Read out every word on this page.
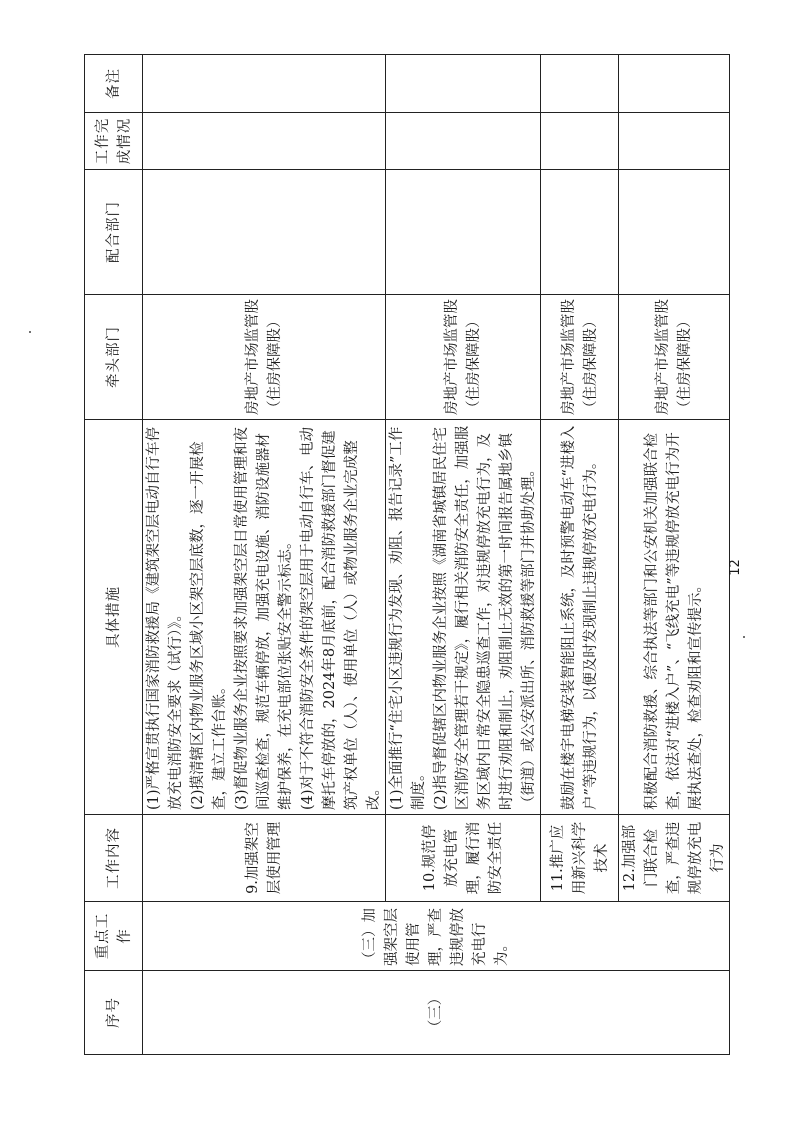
序号	重点工作	工作内容	具体措施	牵头部门	配合部门	工作完成情况	备注
（三）	（三）加强架空层使用管理，严查违规停放充电行为。	9.加强架空层使用管理	(1)严格宣贯执行国家消防救援局《建筑架空层电动自行车停放充电消防安全要求（试行）》。 (2)摸清辖区内物业服务区域小区架空层底数，逐一开展检查，建立工作台账。 (3)督促物业服务企业按照要求加强架空层日常使用管理和夜间巡查检查，规范车辆停放，加强充电设施、消防设施器材维护保养，在充电部位张贴安全警示标志。 (4)对于不符合消防安全条件的架空层用于电动自行车、电动摩托车停放的，2024年8月底前，配合消防救援部门督促建筑产权单位（人）、使用单位（人）或物业服务企业完成整改。	房地产市场监管股（住房保障股）			
		10.规范停放充电管理，履行消防安全责任	(1)全面推行“住宅小区违规行为发现、劝阻、报告记录”工作制度。 (2)指导督促辖区内物业服务企业按照《湖南省城镇居民住宅区消防安全管理若干规定》，履行相关消防安全责任，加强服务区域内日常安全隐患巡查工作，对违规停放充电行为，及时进行劝阻和制止，劝阻制止无效的第一时间报告属地乡镇（街道）或公安派出所、消防救援等部门并协助处理。	房地产市场监管股（住房保障股）			
		11.推广应用新兴科学技术	鼓励在楼宇电梯安装智能阻止系统，及时预警电动车“进楼入户”等违规行为，以便及时发现制止违规停放充电行为。	房地产市场监管股（住房保障股）			
		12.加强部门联合检查，严查违规停放充电行为	积极配合消防救援、综合执法等部门和公安机关加强联合检查，依法对“进楼入户”、“飞线充电”等违规停放充电行为开展执法查处，检查劝阻和宣传提示。	房地产市场监管股（住房保障股）			
12
